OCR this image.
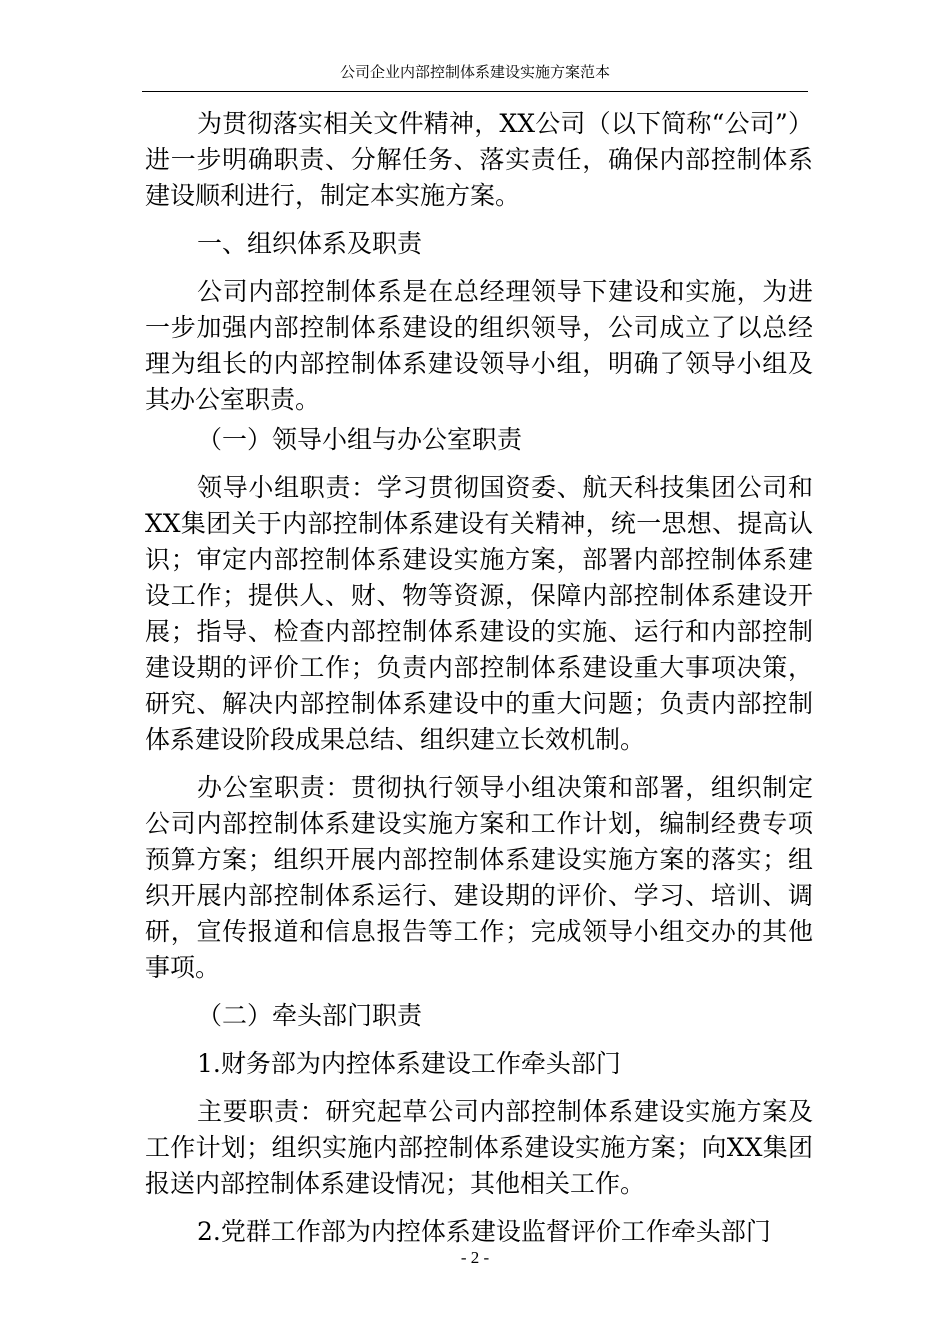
公司企业内部控制体系建设实施方案范本

为贯彻落实相关文件精神，XX公司（以下简称“公司”）进一步明确职责、分解任务、落实责任，确保内部控制体系建设顺利进行，制定本实施方案。

一、组织体系及职责

公司内部控制体系是在总经理领导下建设和实施，为进一步加强内部控制体系建设的组织领导，公司成立了以总经理为组长的内部控制体系建设领导小组，明确了领导小组及其办公室职责。

（一）领导小组与办公室职责

领导小组职责：学习贯彻国资委、航天科技集团公司和XX集团关于内部控制体系建设有关精神，统一思想、提高认识；审定内部控制体系建设实施方案，部署内部控制体系建设工作；提供人、财、物等资源，保障内部控制体系建设开展；指导、检查内部控制体系建设的实施、运行和内部控制建设期的评价工作；负责内部控制体系建设重大事项决策，研究、解决内部控制体系建设中的重大问题；负责内部控制体系建设阶段成果总结、组织建立长效机制。

办公室职责：贯彻执行领导小组决策和部署，组织制定公司内部控制体系建设实施方案和工作计划，编制经费专项预算方案；组织开展内部控制体系建设实施方案的落实；组织开展内部控制体系运行、建设期的评价、学习、培训、调研，宣传报道和信息报告等工作；完成领导小组交办的其他事项。

（二）牵头部门职责

1.财务部为内控体系建设工作牵头部门

主要职责：研究起草公司内部控制体系建设实施方案及工作计划；组织实施内部控制体系建设实施方案；向XX集团报送内部控制体系建设情况；其他相关工作。

2.党群工作部为内控体系建设监督评价工作牵头部门

- 2 -
